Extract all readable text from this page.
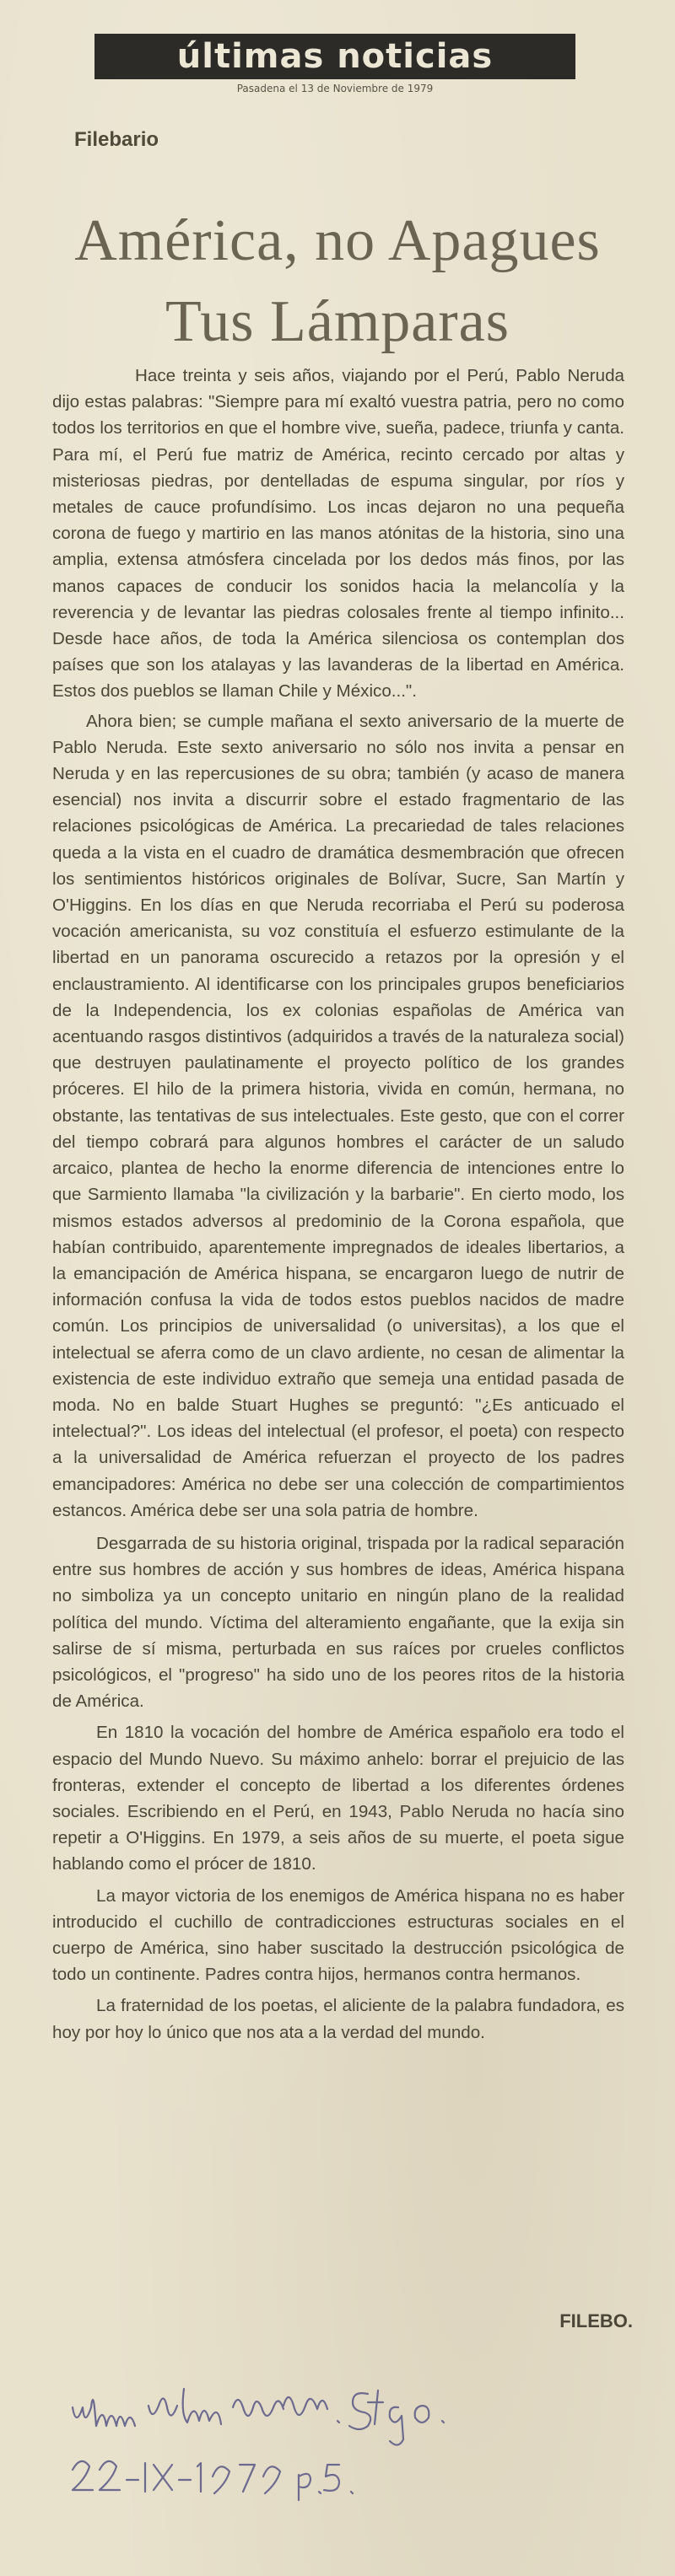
últimas noticias
Pasadena el 13 de Noviembre de 1979
Filebario
América, no Apagues
Tus Lámparas

Hace treinta y seis años, viajando por el Perú, Pablo Neruda dijo estas palabras: "Siempre para mí exaltó vuestra patria, pero no como todos los territorios en que el hombre vive, sueña, padece, triunfa y canta. Para mí, el Perú fue matriz de América, recinto cercado por altas y misteriosas piedras, por dentelladas de espuma singular, por ríos y metales de cauce profundísimo. Los incas dejaron no una pequeña corona de fuego y martirio en las manos atónitas de la historia, sino una amplia, extensa atmósfera cincelada por los dedos más finos, por las manos capaces de conducir los sonidos hacia la melancolía y la reverencia y de levantar las piedras colosales frente al tiempo infinito... Desde hace años, de toda la América silenciosa os contemplan dos países que son los atalayas y las lavanderas de la libertad en América. Estos dos pueblos se llaman Chile y México...".

Ahora bien; se cumple mañana el sexto aniversario de la muerte de Pablo Neruda. Este sexto aniversario no sólo nos invita a pensar en Neruda y en las repercusiones de su obra; también (y acaso de manera esencial) nos invita a discurrir sobre el estado fragmentario de las relaciones psicológicas de América. La precariedad de tales relaciones queda a la vista en el cuadro de dramática desmembración que ofrecen los sentimientos históricos originales de Bolívar, Sucre, San Martín y O'Higgins. En los días en que Neruda recorriaba el Perú su poderosa vocación americanista, su voz constituía el esfuerzo estimulante de la libertad en un panorama oscurecido a retazos por la opresión y el enclaustramiento. Al identificarse con los principales grupos beneficiarios de la Independencia, los ex colonias españolas de América van acentuando rasgos distintivos (adquiridos a través de la naturaleza social) que destruyen paulatinamente el proyecto político de los grandes próceres. El hilo de la primera historia, vivida en común, hermana, no obstante, las tentativas de sus intelectuales. Este gesto, que con el correr del tiempo cobrará para algunos hombres el carácter de un saludo arcaico, plantea de hecho la enorme diferencia de intenciones entre lo que Sarmiento llamaba "la civilización y la barbarie". En cierto modo, los mismos estados adversos al predominio de la Corona española, que habían contribuido, aparentemente impregnados de ideales libertarios, a la emancipación de América hispana, se encargaron luego de nutrir de información confusa la vida de todos estos pueblos nacidos de madre común. Los principios de universalidad (o universitas), a los que el intelectual se aferra como de un clavo ardiente, no cesan de alimentar la existencia de este individuo extraño que semeja una entidad pasada de moda. No en balde Stuart Hughes se preguntó: "¿Es anticuado el intelectual?". Los ideas del intelectual (el profesor, el poeta) con respecto a la universalidad de América refuerzan el proyecto de los padres emancipadores: América no debe ser una colección de compartimientos estancos. América debe ser una sola patria de hombre.

Desgarrada de su historia original, trispada por la radical separación entre sus hombres de acción y sus hombres de ideas, América hispana no simboliza ya un concepto unitario en ningún plano de la realidad política del mundo. Víctima del alteramiento engañante, que la exija sin salirse de sí misma, perturbada en sus raíces por crueles conflictos psicológicos, el "progreso" ha sido uno de los peores ritos de la historia de América.

En 1810 la vocación del hombre de América españolo era todo el espacio del Mundo Nuevo. Su máximo anhelo: borrar el prejuicio de las fronteras, extender el concepto de libertad a los diferentes órdenes sociales. Escribiendo en el Perú, en 1943, Pablo Neruda no hacía sino repetir a O'Higgins. En 1979, a seis años de su muerte, el poeta sigue hablando como el prócer de 1810.

La mayor victoria de los enemigos de América hispana no es haber introducido el cuchillo de contradicciones estructuras sociales en el cuerpo de América, sino haber suscitado la destrucción psicológica de todo un continente. Padres contra hijos, hermanos contra hermanos.

La fraternidad de los poetas, el aliciente de la palabra fundadora, es hoy por hoy lo único que nos ata a la verdad del mundo.

FILEBO.
